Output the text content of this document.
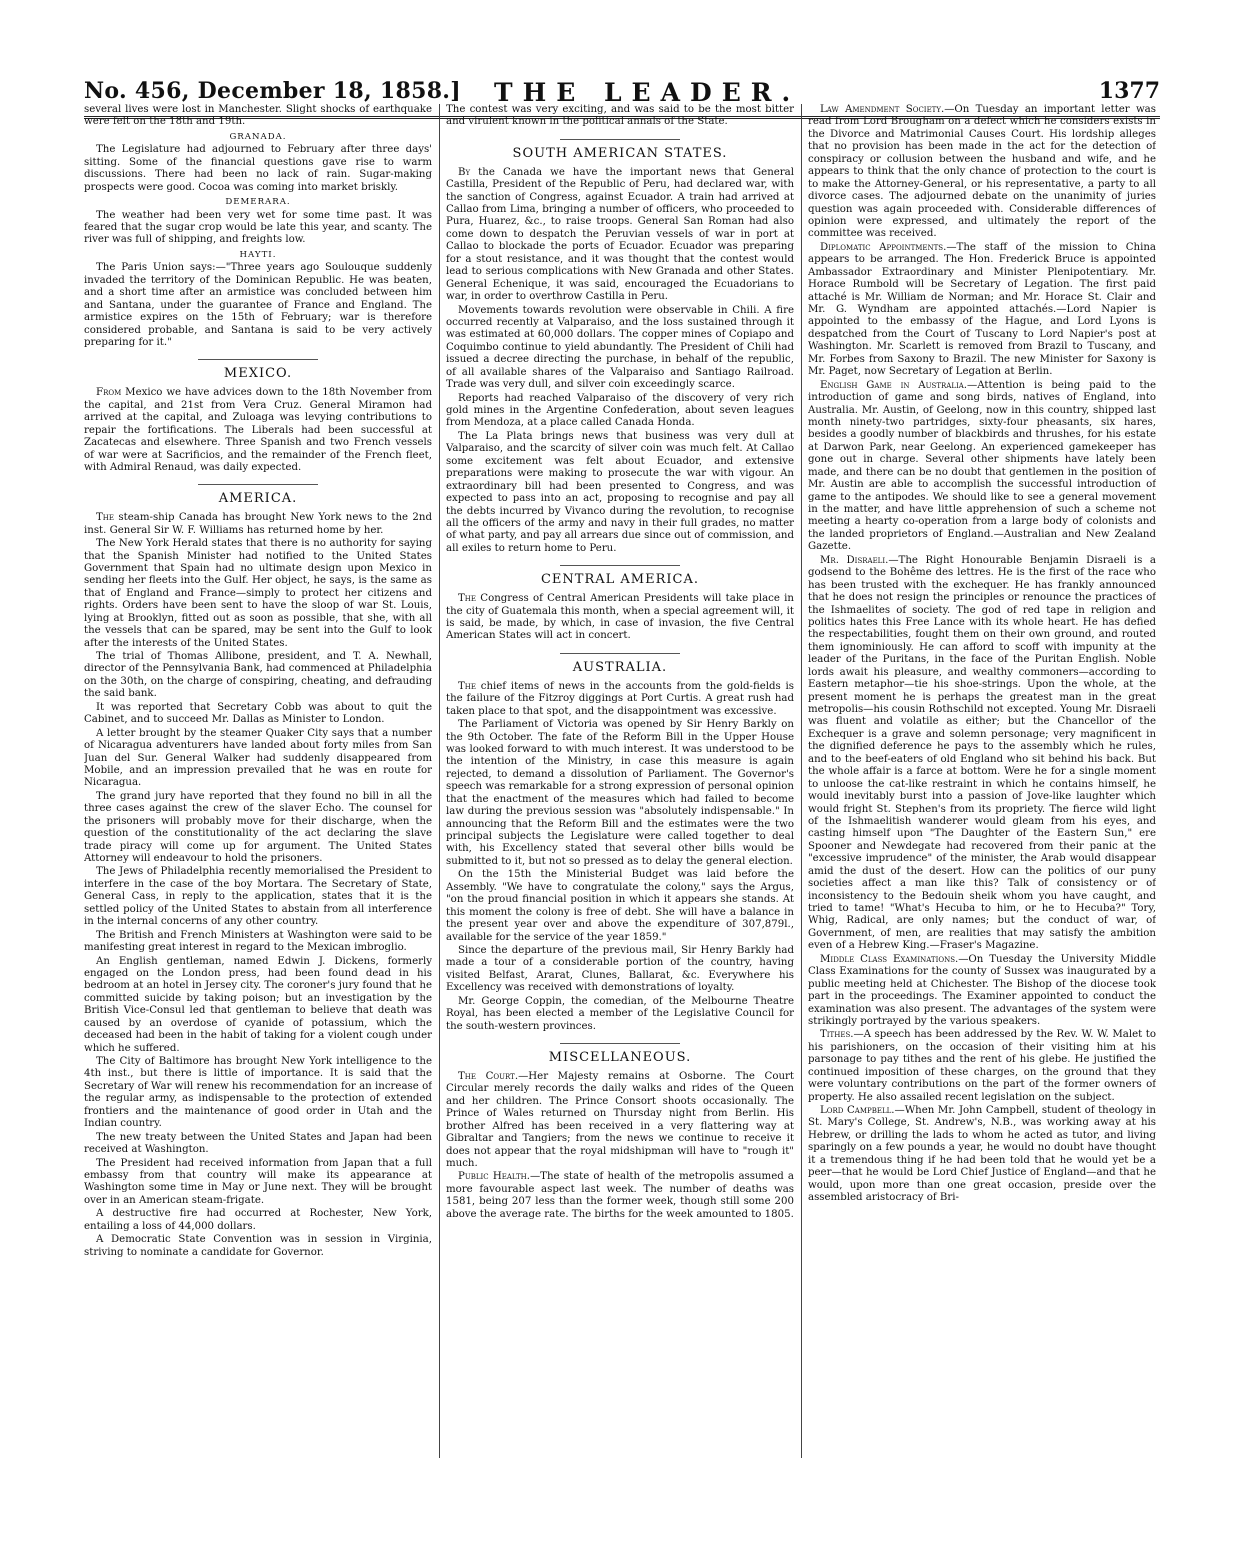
No. 456, December 18, 1858.] THE LEADER.	1377

several lives were lost in Manchester. Slight shocks of earthquake were felt on the 18th and 19th.

GRANADA.

The Legislature had adjourned to February after three days' sitting. Some of the financial questions gave rise to warm discussions. There had been no lack of rain. Sugar-making prospects were good. Cocoa was coming into market briskly.

DEMERARA.

The weather had been very wet for some time past. It was feared that the sugar crop would be late this year, and scanty. The river was full of shipping, and freights low.

HAYTI.

The Paris Union says:—"Three years ago Soulouque suddenly invaded the territory of the Dominican Republic. He was beaten, and a short time after an armistice was concluded between him and Santana, under the guarantee of France and England. The armistice expires on the 15th of February; war is therefore considered probable, and Santana is said to be very actively preparing for it."

MEXICO.

From Mexico we have advices down to the 18th November from the capital, and 21st from Vera Cruz. General Miramon had arrived at the capital, and Zuloaga was levying contributions to repair the fortifications. The Liberals had been successful at Zacatecas and elsewhere. Three Spanish and two French vessels of war were at Sacrificios, and the remainder of the French fleet, with Admiral Renaud, was daily expected.

AMERICA.

The steam-ship Canada has brought New York news to the 2nd inst. General Sir W. F. Williams has returned home by her.

The New York Herald states that there is no authority for saying that the Spanish Minister had notified to the United States Government that Spain had no ultimate design upon Mexico in sending her fleets into the Gulf. Her object, he says, is the same as that of England and France—simply to protect her citizens and rights. Orders have been sent to have the sloop of war St. Louis, lying at Brooklyn, fitted out as soon as possible, that she, with all the vessels that can be spared, may be sent into the Gulf to look after the interests of the United States.

The trial of Thomas Allibone, president, and T. A. Newhall, director of the Pennsylvania Bank, had commenced at Philadelphia on the 30th, on the charge of conspiring, cheating, and defrauding the said bank.

It was reported that Secretary Cobb was about to quit the Cabinet, and to succeed Mr. Dallas as Minister to London.

A letter brought by the steamer Quaker City says that a number of Nicaragua adventurers have landed about forty miles from San Juan del Sur. General Walker had suddenly disappeared from Mobile, and an impression prevailed that he was en route for Nicaragua.

The grand jury have reported that they found no bill in all the three cases against the crew of the slaver Echo. The counsel for the prisoners will probably move for their discharge, when the question of the constitutionality of the act declaring the slave trade piracy will come up for argument. The United States Attorney will endeavour to hold the prisoners.

The Jews of Philadelphia recently memorialised the President to interfere in the case of the boy Mortara. The Secretary of State, General Cass, in reply to the application, states that it is the settled policy of the United States to abstain from all interference in the internal concerns of any other country.

The British and French Ministers at Washington were said to be manifesting great interest in regard to the Mexican imbroglio.

An English gentleman, named Edwin J. Dickens, formerly engaged on the London press, had been found dead in his bedroom at an hotel in Jersey city. The coroner's jury found that he committed suicide by taking poison; but an investigation by the British Vice-Consul led that gentleman to believe that death was caused by an overdose of cyanide of potassium, which the deceased had been in the habit of taking for a violent cough under which he suffered.

The City of Baltimore has brought New York intelligence to the 4th inst., but there is little of importance. It is said that the Secretary of War will renew his recommendation for an increase of the regular army, as indispensable to the protection of extended frontiers and the maintenance of good order in Utah and the Indian country.

The new treaty between the United States and Japan had been received at Washington.

The President had received information from Japan that a full embassy from that country will make its appearance at Washington some time in May or June next. They will be brought over in an American steam-frigate.

A destructive fire had occurred at Rochester, New York, entailing a loss of 44,000 dollars.

A Democratic State Convention was in session in Virginia, striving to nominate a candidate for Governor.

The contest was very exciting, and was said to be the most bitter and virulent known in the political annals of the State.

SOUTH AMERICAN STATES.

By the Canada we have the important news that General Castilla, President of the Republic of Peru, had declared war, with the sanction of Congress, against Ecuador. A train had arrived at Callao from Lima, bringing a number of officers, who proceeded to Pura, Huarez, &c., to raise troops. General San Roman had also come down to despatch the Peruvian vessels of war in port at Callao to blockade the ports of Ecuador. Ecuador was preparing for a stout resistance, and it was thought that the contest would lead to serious complications with New Granada and other States. General Echenique, it was said, encouraged the Ecuadorians to war, in order to overthrow Castilla in Peru.

Movements towards revolution were observable in Chili. A fire occurred recently at Valparaiso, and the loss sustained through it was estimated at 60,000 dollars. The copper mines of Copiapo and Coquimbo continue to yield abundantly. The President of Chili had issued a decree directing the purchase, in behalf of the republic, of all available shares of the Valparaiso and Santiago Railroad. Trade was very dull, and silver coin exceedingly scarce.

Reports had reached Valparaiso of the discovery of very rich gold mines in the Argentine Confederation, about seven leagues from Mendoza, at a place called Canada Honda.

The La Plata brings news that business was very dull at Valparaiso, and the scarcity of silver coin was much felt. At Callao some excitement was felt about Ecuador, and extensive preparations were making to prosecute the war with vigour. An extraordinary bill had been presented to Congress, and was expected to pass into an act, proposing to recognise and pay all the debts incurred by Vivanco during the revolution, to recognise all the officers of the army and navy in their full grades, no matter of what party, and pay all arrears due since out of commission, and all exiles to return home to Peru.

CENTRAL AMERICA.

The Congress of Central American Presidents will take place in the city of Guatemala this month, when a special agreement will, it is said, be made, by which, in case of invasion, the five Central American States will act in concert.

AUSTRALIA.

The chief items of news in the accounts from the gold-fields is the failure of the Fitzroy diggings at Port Curtis. A great rush had taken place to that spot, and the disappointment was excessive.

The Parliament of Victoria was opened by Sir Henry Barkly on the 9th October. The fate of the Reform Bill in the Upper House was looked forward to with much interest. It was understood to be the intention of the Ministry, in case this measure is again rejected, to demand a dissolution of Parliament. The Governor's speech was remarkable for a strong expression of personal opinion that the enactment of the measures which had failed to become law during the previous session was "absolutely indispensable." In announcing that the Reform Bill and the estimates were the two principal subjects the Legislature were called together to deal with, his Excellency stated that several other bills would be submitted to it, but not so pressed as to delay the general election.

On the 15th the Ministerial Budget was laid before the Assembly. "We have to congratulate the colony," says the Argus, "on the proud financial position in which it appears she stands. At this moment the colony is free of debt. She will have a balance in the present year over and above the expenditure of 307,879l., available for the service of the year 1859."

Since the departure of the previous mail, Sir Henry Barkly had made a tour of a considerable portion of the country, having visited Belfast, Ararat, Clunes, Ballarat, &c. Everywhere his Excellency was received with demonstrations of loyalty.

Mr. George Coppin, the comedian, of the Melbourne Theatre Royal, has been elected a member of the Legislative Council for the south-western provinces.

MISCELLANEOUS.

The Court.—Her Majesty remains at Osborne. The Court Circular merely records the daily walks and rides of the Queen and her children. The Prince Consort shoots occasionally. The Prince of Wales returned on Thursday night from Berlin. His brother Alfred has been received in a very flattering way at Gibraltar and Tangiers; from the news we continue to receive it does not appear that the royal midshipman will have to "rough it" much.

Public Health.—The state of health of the metropolis assumed a more favourable aspect last week. The number of deaths was 1581, being 207 less than the former week, though still some 200 above the average rate. The births for the week amounted to 1805.

Law Amendment Society.—On Tuesday an important letter was read from Lord Brougham on a defect which he considers exists in the Divorce and Matrimonial Causes Court. His lordship alleges that no provision has been made in the act for the detection of conspiracy or collusion between the husband and wife, and he appears to think that the only chance of protection to the court is to make the Attorney-General, or his representative, a party to all divorce cases. The adjourned debate on the unanimity of juries question was again proceeded with. Considerable differences of opinion were expressed, and ultimately the report of the committee was received.

Diplomatic Appointments.—The staff of the mission to China appears to be arranged. The Hon. Frederick Bruce is appointed Ambassador Extraordinary and Minister Plenipotentiary. Mr. Horace Rumbold will be Secretary of Legation. The first paid attaché is Mr. William de Norman; and Mr. Horace St. Clair and Mr. G. Wyndham are appointed attachés.—Lord Napier is appointed to the embassy of the Hague, and Lord Lyons is despatched from the Court of Tuscany to Lord Napier's post at Washington. Mr. Scarlett is removed from Brazil to Tuscany, and Mr. Forbes from Saxony to Brazil. The new Minister for Saxony is Mr. Paget, now Secretary of Legation at Berlin.

English Game in Australia.—Attention is being paid to the introduction of game and song birds, natives of England, into Australia. Mr. Austin, of Geelong, now in this country, shipped last month ninety-two partridges, sixty-four pheasants, six hares, besides a goodly number of blackbirds and thrushes, for his estate at Darwon Park, near Geelong. An experienced gamekeeper has gone out in charge. Several other shipments have lately been made, and there can be no doubt that gentlemen in the position of Mr. Austin are able to accomplish the successful introduction of game to the antipodes. We should like to see a general movement in the matter, and have little apprehension of such a scheme not meeting a hearty co-operation from a large body of colonists and the landed proprietors of England.—Australian and New Zealand Gazette.

Mr. Disraeli.—The Right Honourable Benjamin Disraeli is a godsend to the Bohême des lettres. He is the first of the race who has been trusted with the exchequer. He has frankly announced that he does not resign the principles or renounce the practices of the Ishmaelites of society. The god of red tape in religion and politics hates this Free Lance with its whole heart. He has defied the respectabilities, fought them on their own ground, and routed them ignominiously. He can afford to scoff with impunity at the leader of the Puritans, in the face of the Puritan English. Noble lords await his pleasure, and wealthy commoners—according to Eastern metaphor—tie his shoe-strings. Upon the whole, at the present moment he is perhaps the greatest man in the great metropolis—his cousin Rothschild not excepted. Young Mr. Disraeli was fluent and volatile as either; but the Chancellor of the Exchequer is a grave and solemn personage; very magnificent in the dignified deference he pays to the assembly which he rules, and to the beef-eaters of old England who sit behind his back. But the whole affair is a farce at bottom. Were he for a single moment to unloose the cat-like restraint in which he contains himself, he would inevitably burst into a passion of Jove-like laughter which would fright St. Stephen's from its propriety. The fierce wild light of the Ishmaelitish wanderer would gleam from his eyes, and casting himself upon "The Daughter of the Eastern Sun," ere Spooner and Newdegate had recovered from their panic at the "excessive imprudence" of the minister, the Arab would disappear amid the dust of the desert. How can the politics of our puny societies affect a man like this? Talk of consistency or of inconsistency to the Bedouin sheik whom you have caught, and tried to tame! "What's Hecuba to him, or he to Hecuba?" Tory, Whig, Radical, are only names; but the conduct of war, of Government, of men, are realities that may satisfy the ambition even of a Hebrew King.—Fraser's Magazine.

Middle Class Examinations.—On Tuesday the University Middle Class Examinations for the county of Sussex was inaugurated by a public meeting held at Chichester. The Bishop of the diocese took part in the proceedings. The Examiner appointed to conduct the examination was also present. The advantages of the system were strikingly portrayed by the various speakers.

Tithes.—A speech has been addressed by the Rev. W. W. Malet to his parishioners, on the occasion of their visiting him at his parsonage to pay tithes and the rent of his glebe. He justified the continued imposition of these charges, on the ground that they were voluntary contributions on the part of the former owners of property. He also assailed recent legislation on the subject.

Lord Campbell.—When Mr. John Campbell, student of theology in St. Mary's College, St. Andrew's, N.B., was working away at his Hebrew, or drilling the lads to whom he acted as tutor, and living sparingly on a few pounds a year, he would no doubt have thought it a tremendous thing if he had been told that he would yet be a peer—that he would be Lord Chief Justice of England—and that he would, upon more than one great occasion, preside over the assembled aristocracy of Bri-
